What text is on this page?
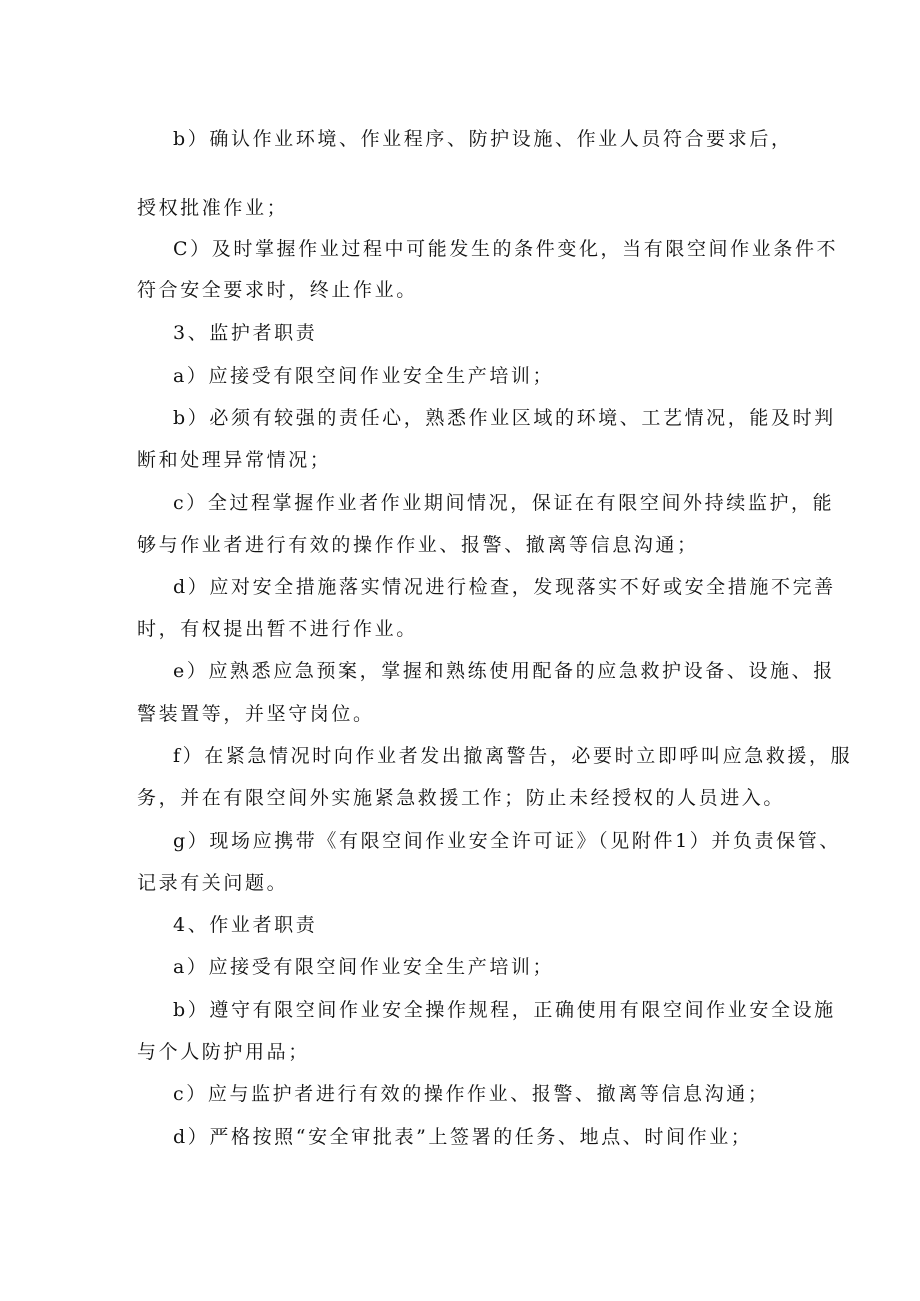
b）确认作业环境、作业程序、防护设施、作业人员符合要求后，
授权批准作业；
C）及时掌握作业过程中可能发生的条件变化，当有限空间作业条件不
符合安全要求时，终止作业。
3、监护者职责
a）应接受有限空间作业安全生产培训；
b）必须有较强的责任心，熟悉作业区域的环境、工艺情况，能及时判
断和处理异常情况；
c）全过程掌握作业者作业期间情况，保证在有限空间外持续监护，能
够与作业者进行有效的操作作业、报警、撤离等信息沟通；
d）应对安全措施落实情况进行检查，发现落实不好或安全措施不完善
时，有权提出暂不进行作业。
e）应熟悉应急预案，掌握和熟练使用配备的应急救护设备、设施、报
警装置等，并坚守岗位。
f）在紧急情况时向作业者发出撤离警告，必要时立即呼叫应急救援，服
务，并在有限空间外实施紧急救援工作；防止未经授权的人员进入。
g）现场应携带《有限空间作业安全许可证》（见附件1）并负责保管、
记录有关问题。
4、作业者职责
a）应接受有限空间作业安全生产培训；
b）遵守有限空间作业安全操作规程，正确使用有限空间作业安全设施
与个人防护用品；
c）应与监护者进行有效的操作作业、报警、撤离等信息沟通；
d）严格按照“安全审批表”上签署的任务、地点、时间作业；
